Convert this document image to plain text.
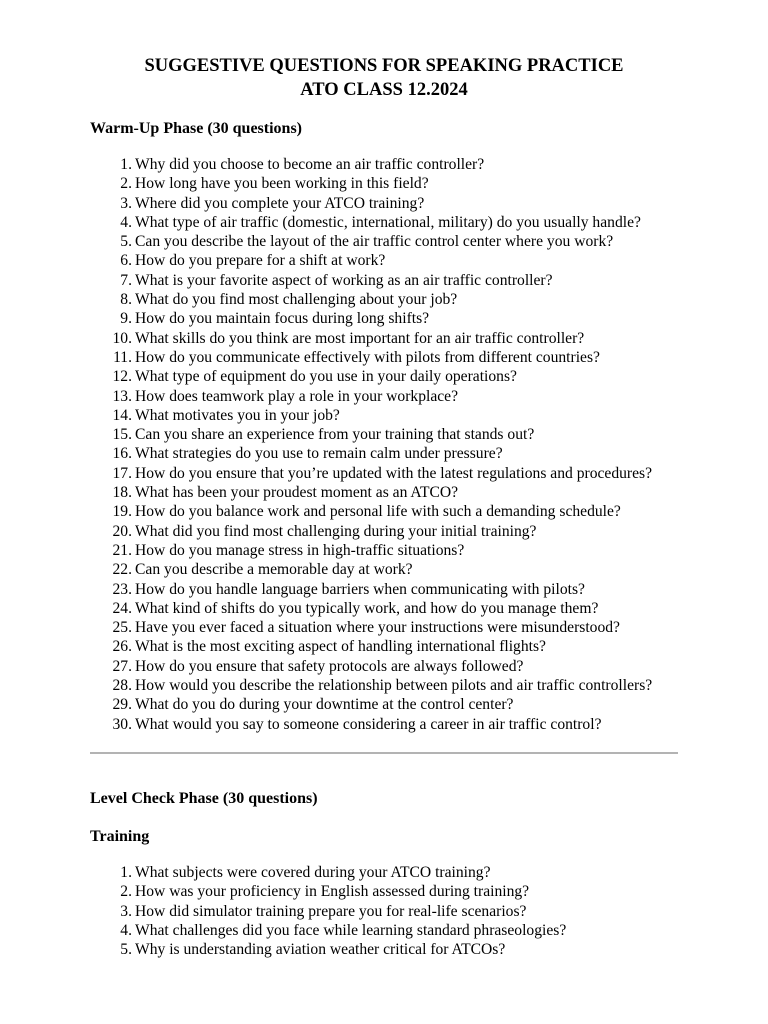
SUGGESTIVE QUESTIONS FOR SPEAKING PRACTICE
ATO CLASS 12.2024
Warm-Up Phase (30 questions)
1. Why did you choose to become an air traffic controller?
2. How long have you been working in this field?
3. Where did you complete your ATCO training?
4. What type of air traffic (domestic, international, military) do you usually handle?
5. Can you describe the layout of the air traffic control center where you work?
6. How do you prepare for a shift at work?
7. What is your favorite aspect of working as an air traffic controller?
8. What do you find most challenging about your job?
9. How do you maintain focus during long shifts?
10. What skills do you think are most important for an air traffic controller?
11. How do you communicate effectively with pilots from different countries?
12. What type of equipment do you use in your daily operations?
13. How does teamwork play a role in your workplace?
14. What motivates you in your job?
15. Can you share an experience from your training that stands out?
16. What strategies do you use to remain calm under pressure?
17. How do you ensure that you’re updated with the latest regulations and procedures?
18. What has been your proudest moment as an ATCO?
19. How do you balance work and personal life with such a demanding schedule?
20. What did you find most challenging during your initial training?
21. How do you manage stress in high-traffic situations?
22. Can you describe a memorable day at work?
23. How do you handle language barriers when communicating with pilots?
24. What kind of shifts do you typically work, and how do you manage them?
25. Have you ever faced a situation where your instructions were misunderstood?
26. What is the most exciting aspect of handling international flights?
27. How do you ensure that safety protocols are always followed?
28. How would you describe the relationship between pilots and air traffic controllers?
29. What do you do during your downtime at the control center?
30. What would you say to someone considering a career in air traffic control?
Level Check Phase (30 questions)
Training
1. What subjects were covered during your ATCO training?
2. How was your proficiency in English assessed during training?
3. How did simulator training prepare you for real-life scenarios?
4. What challenges did you face while learning standard phraseologies?
5. Why is understanding aviation weather critical for ATCOs?
